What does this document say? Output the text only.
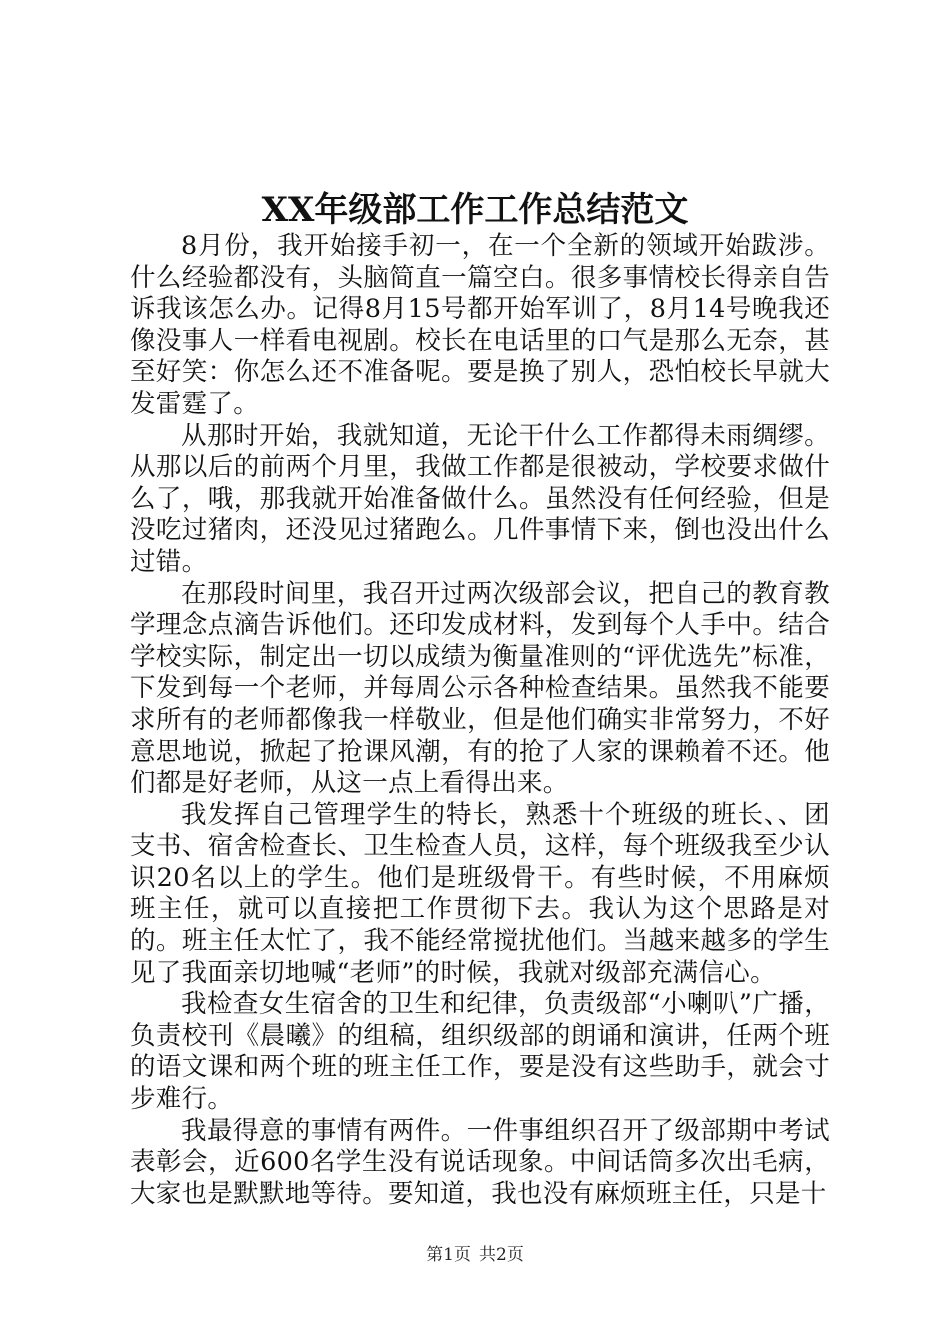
XX年级部工作工作总结范文

8月份，我开始接手初一，在一个全新的领域开始跋涉。什么经验都没有，头脑简直一篇空白。很多事情校长得亲自告诉我该怎么办。记得8月15号都开始军训了，8月14号晚我还像没事人一样看电视剧。校长在电话里的口气是那么无奈，甚至好笑：你怎么还不准备呢。要是换了别人，恐怕校长早就大发雷霆了。

从那时开始，我就知道，无论干什么工作都得未雨绸缪。从那以后的前两个月里，我做工作都是很被动，学校要求做什么了，哦，那我就开始准备做什么。虽然没有任何经验，但是没吃过猪肉，还没见过猪跑么。几件事情下来，倒也没出什么过错。

在那段时间里，我召开过两次级部会议，把自己的教育教学理念点滴告诉他们。还印发成材料，发到每个人手中。结合学校实际，制定出一切以成绩为衡量准则的“评优选先”标准，下发到每一个老师，并每周公示各种检查结果。虽然我不能要求所有的老师都像我一样敬业，但是他们确实非常努力，不好意思地说，掀起了抢课风潮，有的抢了人家的课赖着不还。他们都是好老师，从这一点上看得出来。

我发挥自己管理学生的特长，熟悉十个班级的班长、、团支书、宿舍检查长、卫生检查人员，这样，每个班级我至少认识20名以上的学生。他们是班级骨干。有些时候，不用麻烦班主任，就可以直接把工作贯彻下去。我认为这个思路是对的。班主任太忙了，我不能经常搅扰他们。当越来越多的学生见了我面亲切地喊“老师”的时候，我就对级部充满信心。

我检查女生宿舍的卫生和纪律，负责级部“小喇叭”广播，负责校刊《晨曦》的组稿，组织级部的朗诵和演讲，任两个班的语文课和两个班的班主任工作，要是没有这些助手，就会寸步难行。

我最得意的事情有两件。一件事组织召开了级部期中考试表彰会，近600名学生没有说话现象。中间话筒多次出毛病，大家也是默默地等待。要知道，我也没有麻烦班主任，只是十

第1页 共2页
